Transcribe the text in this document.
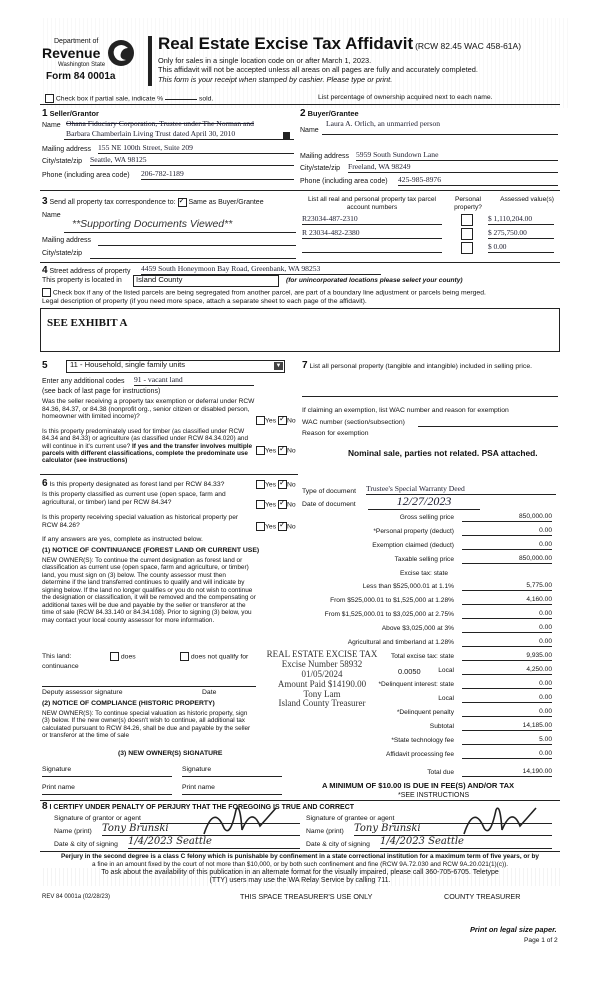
Department of
Revenue
Washington State
Form 84 0001a
Real Estate Excise Tax Affidavit (RCW 82.45 WAC 458-61A)
Only for sales in a single location code on or after March 1, 2023.
This affidavit will not be accepted unless all areas on all pages are fully and accurately completed.
This form is your receipt when stamped by cashier. Please type or print.
Check box if partial sale, indicate %	sold.	List percentage of ownership acquired next to each name.
1 Seller/Grantor
Name Ohana Fiduciary Corporation, Trustee under The Norman and
Barbara Chamberlain Living Trust dated April 30, 2010
Mailing address 155 NE 100th Street, Suite 209
City/state/zip Seattle, WA 98125
Phone (including area code) 206-782-1189
2 Buyer/Grantee
Name
Laura A. Orlich, an unmarried person
Mailing address 5959 South Sundown Lane
City/state/zip Freeland, WA 98249
Phone (including area code) 425-985-8976
3 Send all property tax correspondence to: ✓ Same as Buyer/Grantee
Name
**Supporting Documents Viewed**
Mailing address
City/state/zip
List all real and personal property tax parcel account numbers
Personal property?
Assessed value(s)
R23034-487-2310	$ 1,110,204.00
R 23034-482-2380	$ 275,750.00
$ 0.00
4 Street address of property 4459 South Honeymoon Bay Road, Greenbank, WA 98253
This property is located in	Island County	(for unincorporated locations please select your county)
Check box if any of the listed parcels are being segregated from another parcel, are part of a boundary line adjustment or parcels being merged.
Legal description of property (if you need more space, attach a separate sheet to each page of the affidavit).
SEE EXHIBIT A
5	11 - Household, single family units	▼
Enter any additional codes 91 - vacant land
(see back of last page for instructions)
Was the seller receiving a property tax exemption or deferral under RCW 84.36, 84.37, or 84.38 (nonprofit org., senior citizen or disabled person, homeowner with limited income)?
Yes ✓ No
Is this property predominately used for timber (as classified under RCW 84.34 and 84.33) or agriculture (as classified under RCW 84.34.020) and will continue in it's current use? If yes and the transfer involves multiple parcels with different classifications, complete the predominate use calculator (see instructions)
Yes ✓ No
7 List all personal property (tangible and intangible) included in selling price.
If claiming an exemption, list WAC number and reason for exemption
WAC number (section/subsection)
Reason for exemption
Nominal sale, parties not related. PSA attached.
6 Is this property designated as forest land per RCW 84.33?	Yes ✓ No
Is this property classified as current use (open space, farm and agricultural, or timber) land per RCW 84.34?	Yes ✓ No
Is this property receiving special valuation as historical property per RCW 84.26?	Yes ✓ No
If any answers are yes, complete as instructed below.
(1) NOTICE OF CONTINUANCE (FOREST LAND OR CURRENT USE)
NEW OWNER(S): To continue the current designation as forest land or classification as current use (open space, farm and agriculture, or timber) land, you must sign on (3) below. The county assessor must then determine if the land transferred continues to qualify and will indicate by signing below. If the land no longer qualifies or you do not wish to continue the designation or classification, it will be removed and the compensating or additional taxes will be due and payable by the seller or transferor at the time of sale (RCW 84.33.140 or 84.34.108). Prior to signing (3) below, you may contact your local county assessor for more information.
This land:
continuance
does	does not qualify for
Deputy assessor signature	Date
(2) NOTICE OF COMPLIANCE (HISTORIC PROPERTY)
NEW OWNER(S): To continue special valuation as historic property, sign (3) below. If the new owner(s) doesn't wish to continue, all additional tax calculated pursuant to RCW 84.26, shall be due and payable by the seller or transferor at the time of sale
(3) NEW OWNER(S) SIGNATURE
Signature	Signature
Print name	Print name
Type of document Trustee's Special Warranty Deed
Date of document	12/27/2023
Gross selling price	850,000.00
*Personal property (deduct)	0.00
Exemption claimed (deduct)	0.00
Taxable selling price	850,000.00
Excise tax: state
Less than $525,000.01 at 1.1%	5,775.00
From $525,000.01 to $1,525,000 at 1.28%	4,160.00
From $1,525,000.01 to $3,025,000 at 2.75%	0.00
Above $3,025,000 at 3%	0.00
Agricultural and timberland at 1.28%	0.00
Total excise tax: state	9,935.00
Local	4,250.00
0.0050
*Delinquent interest: state	0.00
Local	0.00
*Delinquent penalty	0.00
Subtotal	14,185.00
*State technology fee	5.00
Affidavit processing fee	0.00
Total due	14,190.00
A MINIMUM OF $10.00 IS DUE IN FEE(S) AND/OR TAX
*SEE INSTRUCTIONS
REAL ESTATE EXCISE TAX
Excise Number 58932
01/05/2024
Amount Paid $14190.00
Tony Lam
Island County Treasurer
8 I CERTIFY UNDER PENALTY OF PERJURY THAT THE FOREGOING IS TRUE AND CORRECT
Signature of grantor or agent
Name (print) Tony Brunski
Date & city of signing 1/4/2023 Seattle
Signature of grantee or agent
Name (print) Tony Brunski
Date & city of signing 1/4/2023 Seattle
Perjury in the second degree is a class C felony which is punishable by confinement in a state correctional institution for a maximum term of five years, or by
a fine in an amount fixed by the court of not more than $10,000, or by both such confinement and fine (RCW 9A.72.030 and RCW 9A.20.021(1)(c)).
To ask about the availability of this publication in an alternate format for the visually impaired, please call 360-705-6705. Teletype
(TTY) users may use the WA Relay Service by calling 711.
REV 84 0001a (02/28/23)	THIS SPACE TREASURER'S USE ONLY	COUNTY TREASURER
Print on legal size paper.
Page 1 of 2
